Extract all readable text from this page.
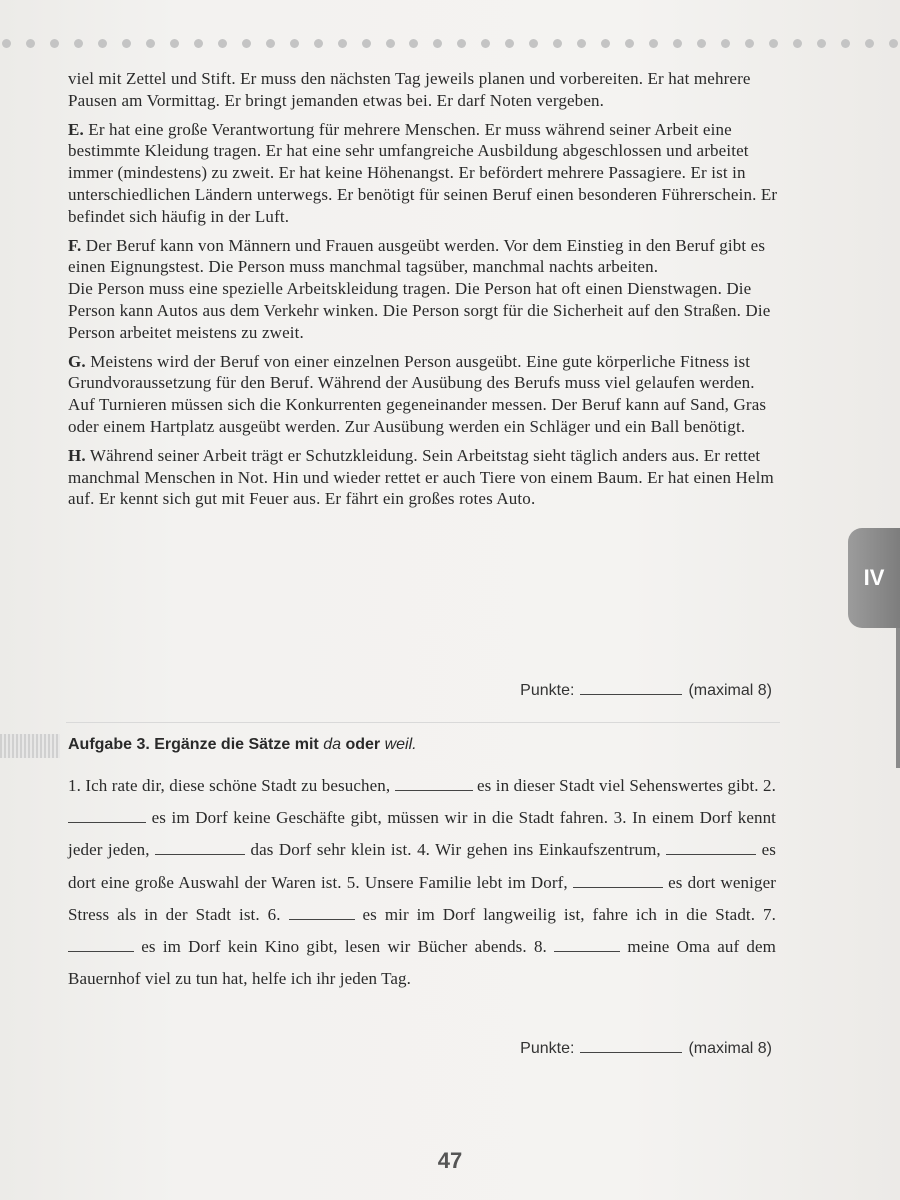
viel mit Zettel und Stift. Er muss den nächsten Tag jeweils planen und vorbereiten. Er hat mehrere Pausen am Vormittag. Er bringt jemanden etwas bei. Er darf Noten vergeben.

E. Er hat eine große Verantwortung für mehrere Menschen. Er muss während seiner Arbeit eine bestimmte Kleidung tragen. Er hat eine sehr umfangreiche Ausbildung abgeschlossen und arbeitet immer (mindestens) zu zweit. Er hat keine Höhenangst. Er befördert mehrere Passagiere. Er ist in unterschiedlichen Ländern unterwegs. Er benötigt für seinen Beruf einen besonderen Führerschein. Er befindet sich häufig in der Luft.

F. Der Beruf kann von Männern und Frauen ausgeübt werden. Vor dem Einstieg in den Beruf gibt es einen Eignungstest. Die Person muss manchmal tagsüber, manchmal nachts arbeiten.
Die Person muss eine spezielle Arbeitskleidung tragen. Die Person hat oft einen Dienstwagen. Die Person kann Autos aus dem Verkehr winken. Die Person sorgt für die Sicherheit auf den Straßen. Die Person arbeitet meistens zu zweit.

G. Meistens wird der Beruf von einer einzelnen Person ausgeübt. Eine gute körperliche Fitness ist Grundvoraussetzung für den Beruf. Während der Ausübung des Berufs muss viel gelaufen werden. Auf Turnieren müssen sich die Konkurrenten gegeneinander messen. Der Beruf kann auf Sand, Gras oder einem Hartplatz ausgeübt werden. Zur Ausübung werden ein Schläger und ein Ball benötigt.

H. Während seiner Arbeit trägt er Schutzkleidung. Sein Arbeitstag sieht täglich anders aus. Er rettet manchmal Menschen in Not. Hin und wieder rettet er auch Tiere von einem Baum. Er hat einen Helm auf. Er kennt sich gut mit Feuer aus. Er fährt ein großes rotes Auto.

Punkte:	(maximal 8)
Aufgabe 3. Ergänze die Sätze mit da oder weil.
1. Ich rate dir, diese schöne Stadt zu besuchen,	es in dieser Stadt viel Sehenswertes gibt. 2.  es im Dorf keine Geschäfte gibt, müssen wir in die Stadt fahren. 3. In einem Dorf kennt jeder jeden,	das Dorf sehr klein ist. 4. Wir gehen ins Einkaufszentrum,	es dort eine große Auswahl der Waren ist. 5. Unsere Familie lebt im Dorf,	es dort weniger Stress als in der Stadt ist. 6.	es mir im Dorf langweilig ist, fahre ich in die Stadt. 7.  es im Dorf kein Kino gibt, lesen wir Bücher abends. 8.	meine Oma auf dem Bauernhof viel zu tun hat, helfe ich ihr jeden Tag.
Punkte:	(maximal 8)
IV
47
